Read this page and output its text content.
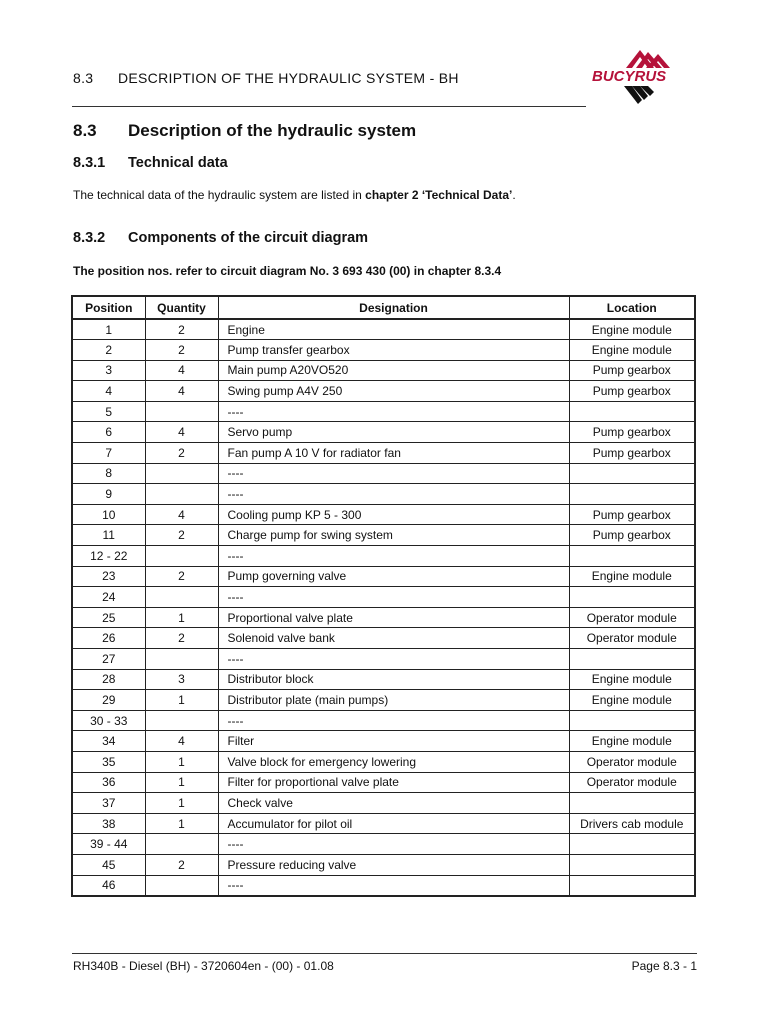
8.3 DESCRIPTION OF THE HYDRAULIC SYSTEM - BH	BUCYRUS
8.3 Description of the hydraulic system
8.3.1 Technical data
The technical data of the hydraulic system are listed in chapter 2 ‘Technical Data’.
8.3.2 Components of the circuit diagram
The position nos. refer to circuit diagram No. 3 693 430 (00) in chapter 8.3.4
Position	Quantity	Designation	Location
1	2	Engine	Engine module
2	2	Pump transfer gearbox	Engine module
3	4	Main pump A20VO520	Pump gearbox
4	4	Swing pump A4V 250	Pump gearbox
5		----	
6	4	Servo pump	Pump gearbox
7	2	Fan pump A 10 V for radiator fan	Pump gearbox
8		----	
9		----	
10	4	Cooling pump KP 5 - 300	Pump gearbox
11	2	Charge pump for swing system	Pump gearbox
12 - 22		----	
23	2	Pump governing valve	Engine module
24		----	
25	1	Proportional valve plate	Operator module
26	2	Solenoid valve bank	Operator module
27		----	
28	3	Distributor block	Engine module
29	1	Distributor plate (main pumps)	Engine module
30 - 33		----	
34	4	Filter	Engine module
35	1	Valve block for emergency lowering	Operator module
36	1	Filter for proportional valve plate	Operator module
37	1	Check valve	
38	1	Accumulator for pilot oil	Drivers cab module
39 - 44		----	
45	2	Pressure reducing valve	
46		----	
RH340B - Diesel (BH) - 3720604en - (00) - 01.08	Page 8.3 - 1
